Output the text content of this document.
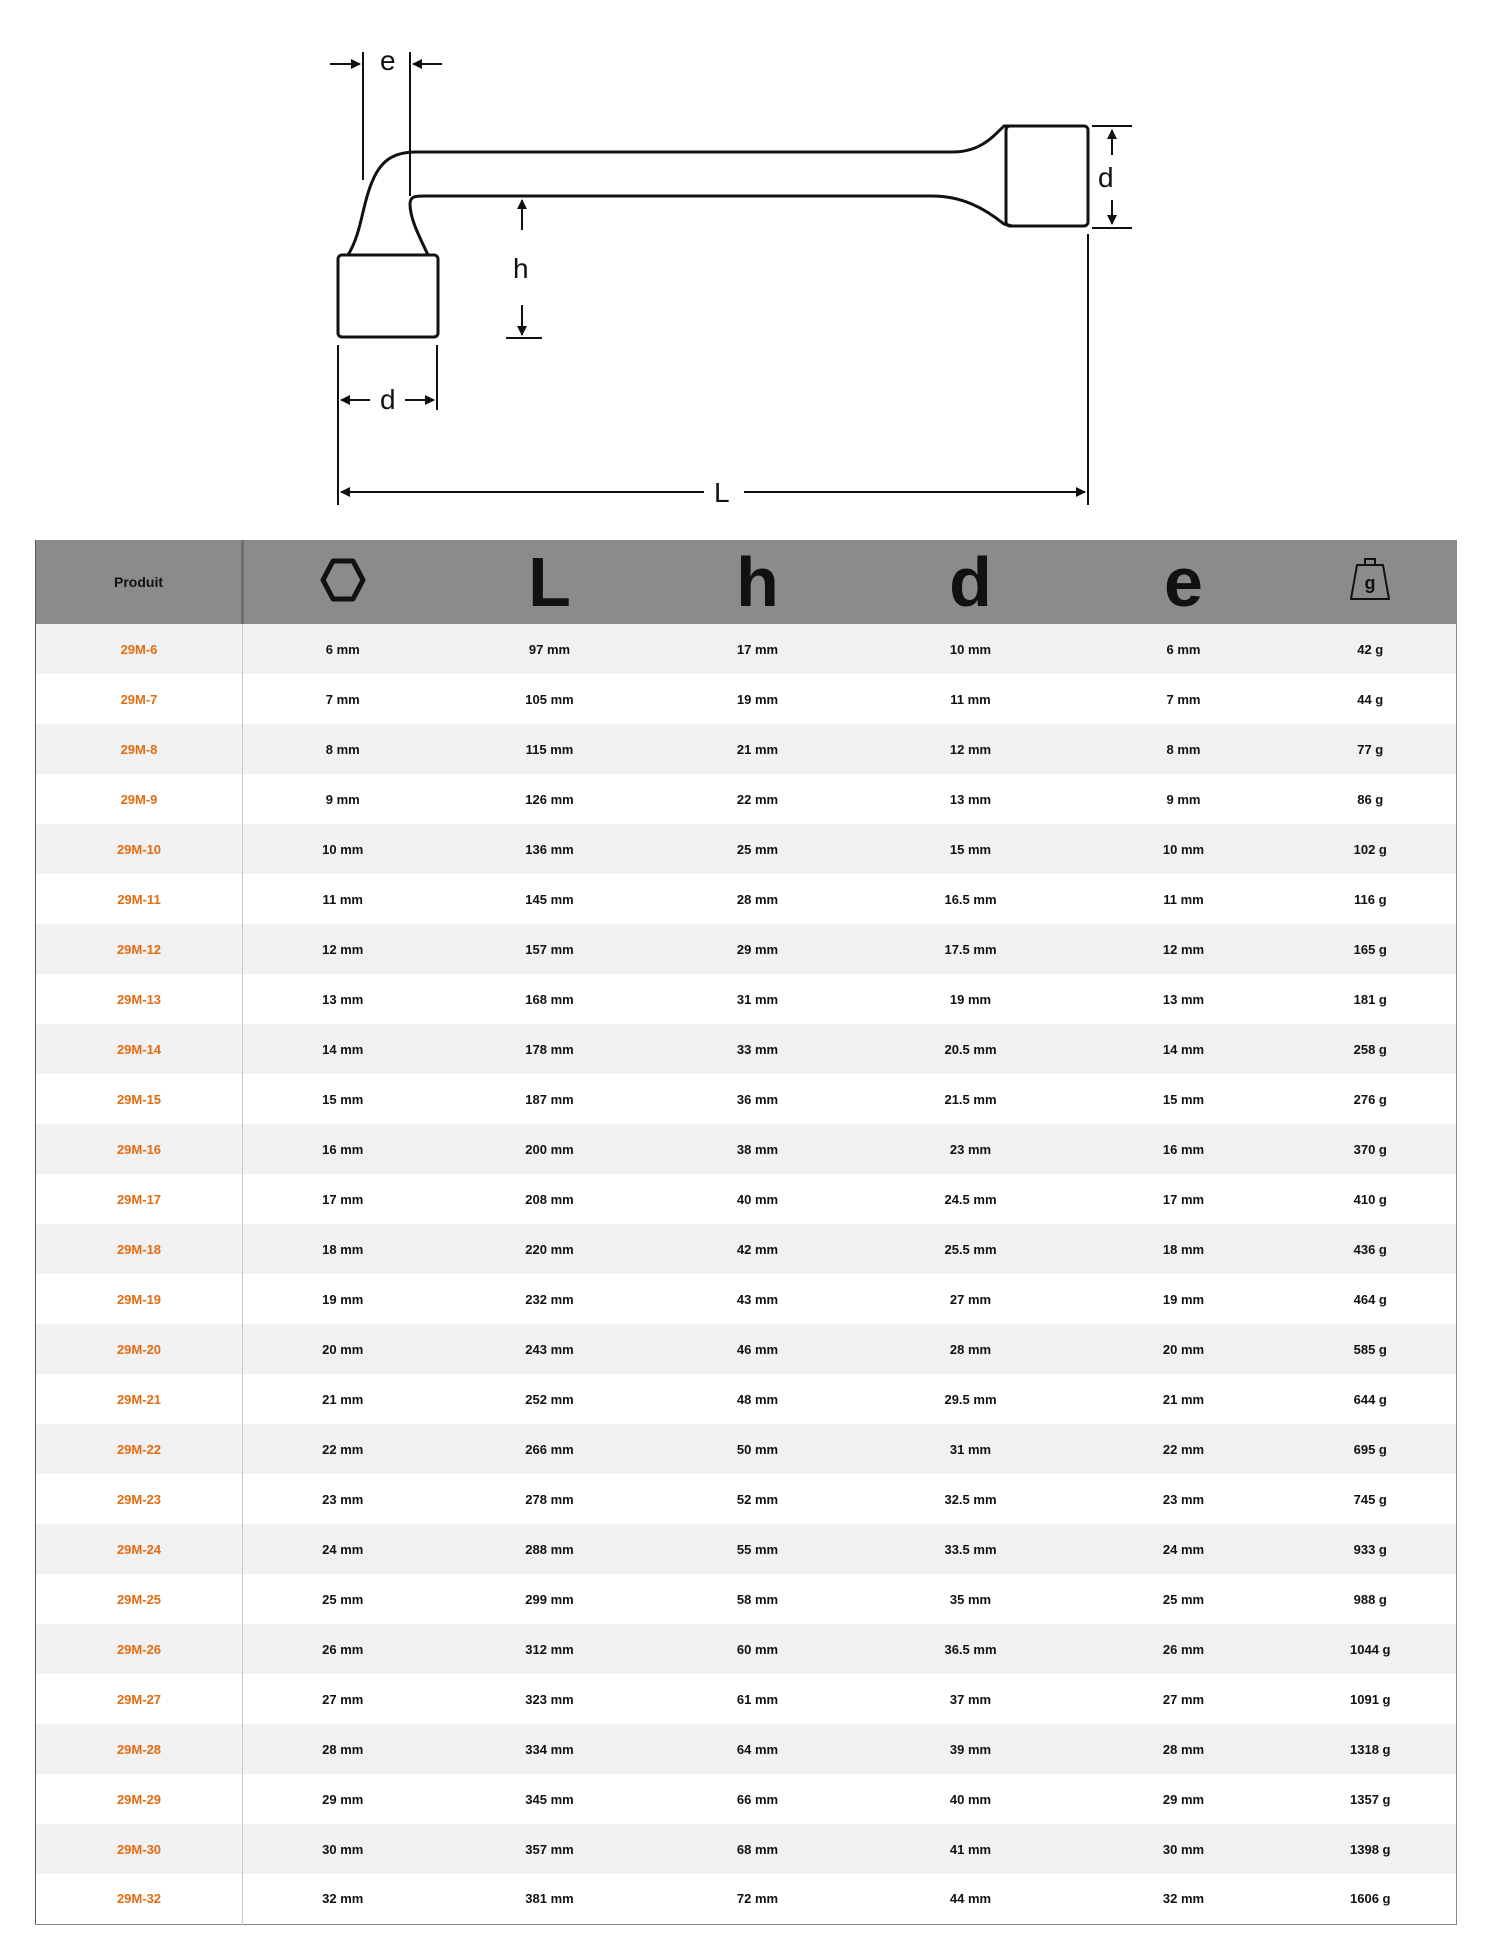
e
d
h
d
L
Produit		L	h	d	e	g

29M-6	6 mm	97 mm	17 mm	10 mm	6 mm	42 g
29M-7	7 mm	105 mm	19 mm	11 mm	7 mm	44 g
29M-8	8 mm	115 mm	21 mm	12 mm	8 mm	77 g
29M-9	9 mm	126 mm	22 mm	13 mm	9 mm	86 g
29M-10	10 mm	136 mm	25 mm	15 mm	10 mm	102 g
29M-11	11 mm	145 mm	28 mm	16.5 mm	11 mm	116 g
29M-12	12 mm	157 mm	29 mm	17.5 mm	12 mm	165 g
29M-13	13 mm	168 mm	31 mm	19 mm	13 mm	181 g
29M-14	14 mm	178 mm	33 mm	20.5 mm	14 mm	258 g
29M-15	15 mm	187 mm	36 mm	21.5 mm	15 mm	276 g
29M-16	16 mm	200 mm	38 mm	23 mm	16 mm	370 g
29M-17	17 mm	208 mm	40 mm	24.5 mm	17 mm	410 g
29M-18	18 mm	220 mm	42 mm	25.5 mm	18 mm	436 g
29M-19	19 mm	232 mm	43 mm	27 mm	19 mm	464 g
29M-20	20 mm	243 mm	46 mm	28 mm	20 mm	585 g
29M-21	21 mm	252 mm	48 mm	29.5 mm	21 mm	644 g
29M-22	22 mm	266 mm	50 mm	31 mm	22 mm	695 g
29M-23	23 mm	278 mm	52 mm	32.5 mm	23 mm	745 g
29M-24	24 mm	288 mm	55 mm	33.5 mm	24 mm	933 g
29M-25	25 mm	299 mm	58 mm	35 mm	25 mm	988 g
29M-26	26 mm	312 mm	60 mm	36.5 mm	26 mm	1044 g
29M-27	27 mm	323 mm	61 mm	37 mm	27 mm	1091 g
29M-28	28 mm	334 mm	64 mm	39 mm	28 mm	1318 g
29M-29	29 mm	345 mm	66 mm	40 mm	29 mm	1357 g
29M-30	30 mm	357 mm	68 mm	41 mm	30 mm	1398 g
29M-32	32 mm	381 mm	72 mm	44 mm	32 mm	1606 g
